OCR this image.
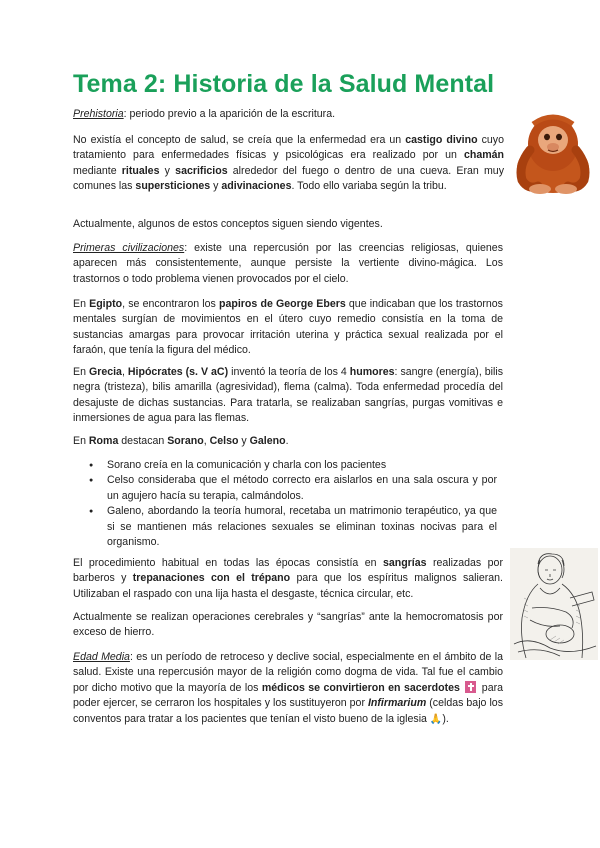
Tema 2: Historia de la Salud Mental

Prehistoria: periodo previo a la aparición de la escritura.

No existía el concepto de salud, se creía que la enfermedad era un castigo divino cuyo tratamiento para enfermedades físicas y psicológicas era realizado por un chamán mediante rituales y sacrificios alrededor del fuego o dentro de una cueva. Eran muy comunes las supersticiones y adivinaciones. Todo ello variaba según la tribu.

Actualmente, algunos de estos conceptos siguen siendo vigentes.

Primeras civilizaciones: existe una repercusión por las creencias religiosas, quienes aparecen más consistentemente, aunque persiste la vertiente divino-mágica. Los trastornos o todo problema vienen provocados por el cielo.

En Egipto, se encontraron los papiros de George Ebers que indicaban que los trastornos mentales surgían de movimientos en el útero cuyo remedio consistía en la toma de sustancias amargas para provocar irritación uterina y práctica sexual realizada por el faraón, que tenía la figura del médico.

En Grecia, Hipócrates (s. V aC) inventó la teoría de los 4 humores: sangre (energía), bilis negra (tristeza), bilis amarilla (agresividad), flema (calma). Toda enfermedad procedía del desajuste de dichas sustancias. Para tratarla, se realizaban sangrías, purgas vomitivas e inmersiones de agua para las flemas.

En Roma destacan Sorano, Celso y Galeno.

● Sorano creía en la comunicación y charla con los pacientes
● Celso consideraba que el método correcto era aislarlos en una sala oscura y por un agujero hacía su terapia, calmándolos.
● Galeno, abordando la teoría humoral, recetaba un matrimonio terapéutico, ya que si se mantienen más relaciones sexuales se eliminan toxinas nocivas para el organismo.

El procedimiento habitual en todas las épocas consistía en sangrías realizadas por barberos y trepanaciones con el trépano para que los espíritus malignos salieran. Utilizaban el raspado con una lija hasta el desgaste, técnica circular, etc.

Actualmente se realizan operaciones cerebrales y “sangrías” ante la hemocromatosis por exceso de hierro.

Edad Media: es un período de retroceso y declive social, especialmente en el ámbito de la salud. Existe una repercusión mayor de la religión como dogma de vida. Tal fue el cambio por dicho motivo que la mayoría de los médicos se convirtieron en sacerdotes  para poder ejercer, se cerraron los hospitales y los sustituyeron por Infirmarium (celdas bajo los conventos para tratar a los pacientes que tenían el visto bueno de la iglesia 🙏).
